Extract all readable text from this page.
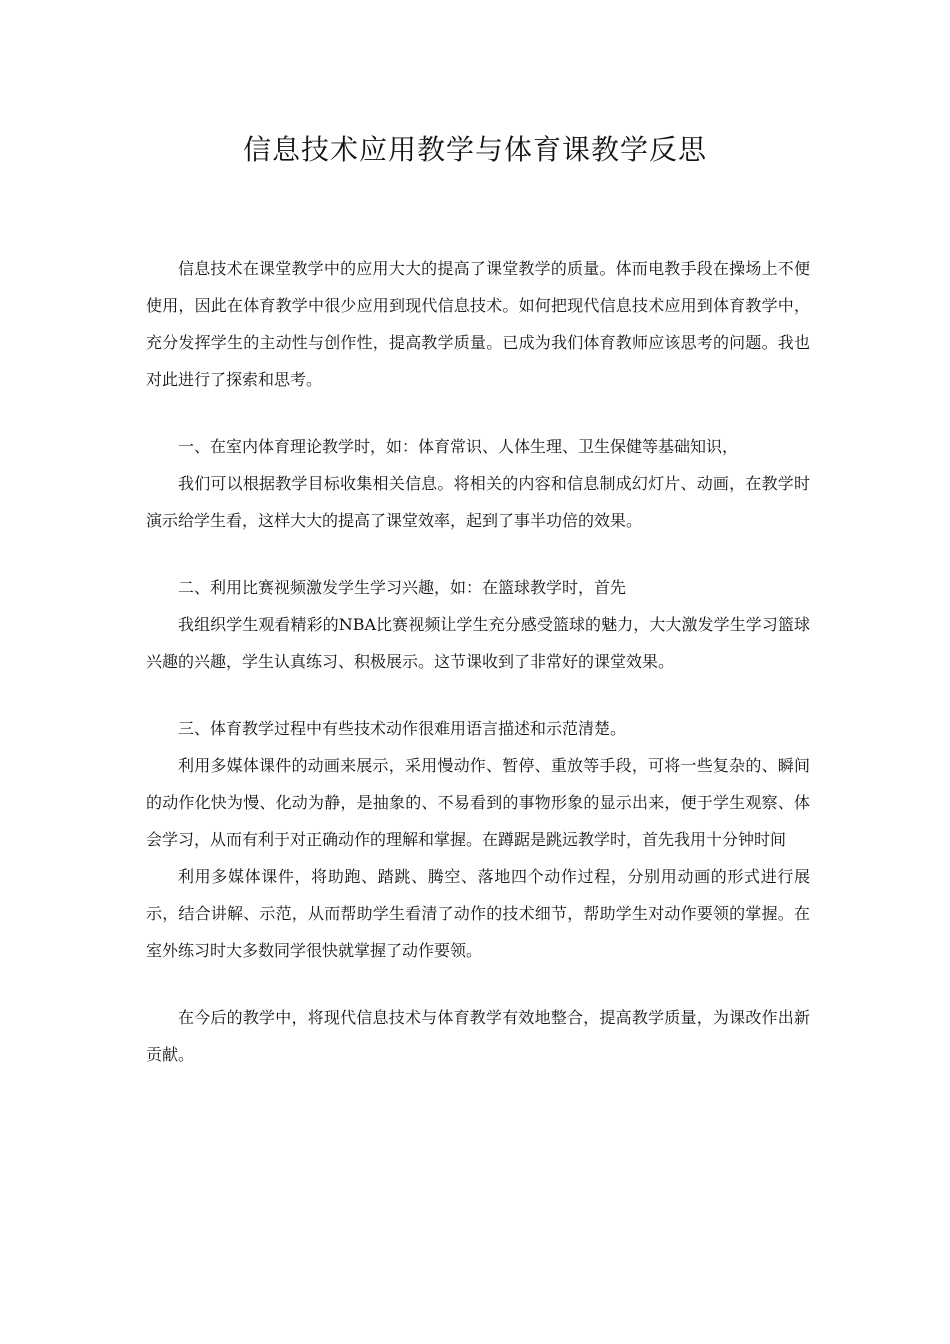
信息技术应用教学与体育课教学反思

信息技术在课堂教学中的应用大大的提高了课堂教学的质量。体而电教手段在操场上不便使用，因此在体育教学中很少应用到现代信息技术。如何把现代信息技术应用到体育教学中，充分发挥学生的主动性与创作性，提高教学质量。已成为我们体育教师应该思考的问题。我也对此进行了探索和思考。

一、在室内体育理论教学时，如：体育常识、人体生理、卫生保健等基础知识，

我们可以根据教学目标收集相关信息。将相关的内容和信息制成幻灯片、动画，在教学时演示给学生看，这样大大的提高了课堂效率，起到了事半功倍的效果。

二、利用比赛视频激发学生学习兴趣，如：在篮球教学时，首先

我组织学生观看精彩的NBA比赛视频让学生充分感受篮球的魅力，大大激发学生学习篮球兴趣的兴趣，学生认真练习、积极展示。这节课收到了非常好的课堂效果。

三、体育教学过程中有些技术动作很难用语言描述和示范清楚。

利用多媒体课件的动画来展示，采用慢动作、暂停、重放等手段，可将一些复杂的、瞬间的动作化快为慢、化动为静，是抽象的、不易看到的事物形象的显示出来，便于学生观察、体会学习，从而有利于对正确动作的理解和掌握。在蹲踞是跳远教学时，首先我用十分钟时间

利用多媒体课件，将助跑、踏跳、腾空、落地四个动作过程，分别用动画的形式进行展示，结合讲解、示范，从而帮助学生看清了动作的技术细节，帮助学生对动作要领的掌握。在室外练习时大多数同学很快就掌握了动作要领。

在今后的教学中，将现代信息技术与体育教学有效地整合，提高教学质量，为课改作出新贡献。
